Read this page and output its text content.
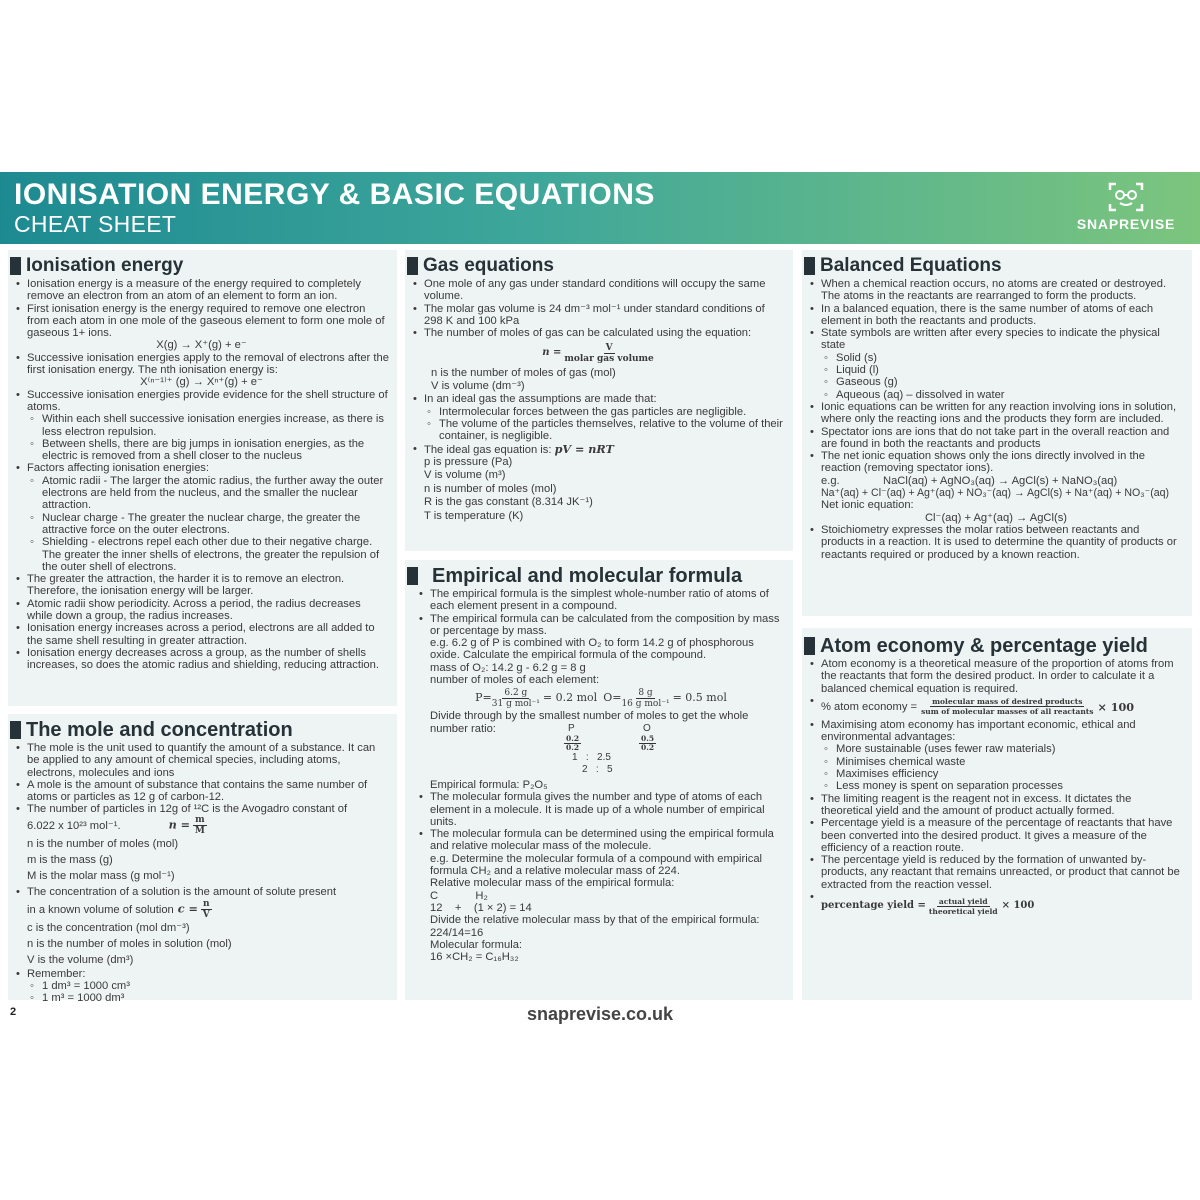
IONISATION ENERGY & BASIC EQUATIONS
CHEAT SHEET	SNAPREVISE
Ionisation energy
• Ionisation energy is a measure of the energy required to completely remove an electron from an atom of an element to form an ion.
• First ionisation energy is the energy required to remove one electron from each atom in one mole of the gaseous element to form one mole of gaseous 1+ ions.
X(g) → X⁺(g) + e⁻
• Successive ionisation energies apply to the removal of electrons after the first ionisation energy. The nth ionisation energy is:
X⁽ⁿ⁻¹⁾⁺ (g) → Xⁿ⁺(g) + e⁻
• Successive ionisation energies provide evidence for the shell structure of atoms.
◦ Within each shell successive ionisation energies increase, as there is less electron repulsion.
◦ Between shells, there are big jumps in ionisation energies, as the electric is removed from a shell closer to the nucleus
• Factors affecting ionisation energies:
◦ Atomic radii - The larger the atomic radius, the further away the outer electrons are held from the nucleus, and the smaller the nuclear attraction.
◦ Nuclear charge - The greater the nuclear charge, the greater the attractive force on the outer electrons.
◦ Shielding - electrons repel each other due to their negative charge. The greater the inner shells of electrons, the greater the repulsion of the outer shell of electrons.
• The greater the attraction, the harder it is to remove an electron. Therefore, the ionisation energy will be larger.
• Atomic radii show periodicity. Across a period, the radius decreases while down a group, the radius increases.
• Ionisation energy increases across a period, electrons are all added to the same shell resulting in greater attraction.
• Ionisation energy decreases across a group, as the number of shells increases, so does the atomic radius and shielding, reducing attraction.
The mole and concentration
• The mole is the unit used to quantify the amount of a substance. It can be applied to any amount of chemical species, including atoms, electrons, molecules and ions
• A mole is the amount of substance that contains the same number of atoms or particles as 12 g of carbon-12.
• The number of particles in 12g of ¹²C is the Avogadro constant of
6.022 x 10²³ mol⁻¹.	$n = \frac{m}{M}$
n is the number of moles (mol)
m is the mass (g)
M is the molar mass (g mol⁻¹)
• The concentration of a solution is the amount of solute present
in a known volume of solution $c = \frac{n}{V}$
c is the concentration (mol dm⁻³)
n is the number of moles in solution (mol)
V is the volume (dm³)
• Remember:
◦ 1 dm³ = 1000 cm³
◦ 1 m³ = 1000 dm³
Gas equations
• One mole of any gas under standard conditions will occupy the same volume.
• The molar gas volume is 24 dm⁻³ mol⁻¹ under standard conditions of 298 K and 100 kPa
• The number of moles of gas can be calculated using the equation:
$n = \frac{V}{\text{molar gas volume}}$
n is the number of moles of gas (mol)
V is volume (dm⁻³)
• In an ideal gas the assumptions are made that:
◦ Intermolecular forces between the gas particles are negligible.
◦ The volume of the particles themselves, relative to the volume of their container, is negligible.
• The ideal gas equation is: pV = nRT
p is pressure (Pa)
V is volume (m³)
n is number of moles (mol)
R is the gas constant (8.314 JK⁻¹)
T is temperature (K)
Empirical and molecular formula
• The empirical formula is the simplest whole-number ratio of atoms of each element present in a compound.
• The empirical formula can be calculated from the composition by mass or percentage by mass.
e.g. 6.2 g of P is combined with O₂ to form 14.2 g of phosphorous oxide. Calculate the empirical formula of the compound.
mass of O₂: 14.2 g - 6.2 g = 8 g
number of moles of each element:
$P= \frac{6.2 g}{\text{31 g mol⁻¹}} = 0.2$ mol $O= \frac{8 g}{\text{16 g mol⁻¹}} = 0.5$ mol
Divide through by the smallest number of moles to get the whole number ratio:	P	O
$\frac{0.2}{0.2}$	$\frac{0.5}{0.2}$
1   :   2.5
2   :   5
Empirical formula: P₂O₅
• The molecular formula gives the number and type of atoms of each element in a molecule. It is made up of a whole number of empirical units.
• The molecular formula can be determined using the empirical formula and relative molecular mass of the molecule.
e.g. Determine the molecular formula of a compound with empirical formula CH₂ and a relative molecular mass of 224.
Relative molecular mass of the empirical formula:
C            H₂
12    +    (1 × 2) = 14
Divide the relative molecular mass by that of the empirical formula:
224/14=16
Molecular formula:
16 ×CH₂ = C₁₆H₃₂
Balanced Equations
• When a chemical reaction occurs, no atoms are created or destroyed. The atoms in the reactants are rearranged to form the products.
• In a balanced equation, there is the same number of atoms of each element in both the reactants and products.
• State symbols are written after every species to indicate the physical state
◦ Solid (s)
◦ Liquid (l)
◦ Gaseous (g)
◦ Aqueous (aq) – dissolved in water
• Ionic equations can be written for any reaction involving ions in solution, where only the reacting ions and the products they form are included.
• Spectator ions are ions that do not take part in the overall reaction and are found in both the reactants and products
• The net ionic equation shows only the ions directly involved in the reaction (removing spectator ions).
e.g.	NaCl(aq) + AgNO₃(aq) → AgCl(s) + NaNO₃(aq)
Na⁺(aq) + Cl⁻(aq) + Ag⁺(aq) + NO₃⁻(aq) → AgCl(s) + Na⁺(aq) + NO₃⁻(aq)
Net ionic equation:
Cl⁻(aq) + Ag⁺(aq) → AgCl(s)
• Stoichiometry expresses the molar ratios between reactants and products in a reaction. It is used to determine the quantity of products or reactants required or produced by a known reaction.
Atom economy & percentage yield
• Atom economy is a theoretical measure of the proportion of atoms from the reactants that form the desired product. In order to calculate it a balanced chemical equation is required.
• % atom economy = $\frac{\text{molecular mass of desired products}}{\text{sum of molecular masses of all reactants}} \times 100$
• Maximising atom economy has important economic, ethical and environmental advantages:
◦ More sustainable (uses fewer raw materials)
◦ Minimises chemical waste
◦ Maximises efficiency
◦ Less money is spent on separation processes
• The limiting reagent is the reagent not in excess. It dictates the theoretical yield and the amount of product actually formed.
• Percentage yield is a measure of the percentage of reactants that have been converted into the desired product. It gives a measure of the efficiency of a reaction route.
• The percentage yield is reduced by the formation of unwanted by-products, any reactant that remains unreacted, or product that cannot be extracted from the reaction vessel.
• percentage yield = $\frac{\text{actual yield}}{\text{theoretical yield}} \times 100$
2	snaprevise.co.uk
